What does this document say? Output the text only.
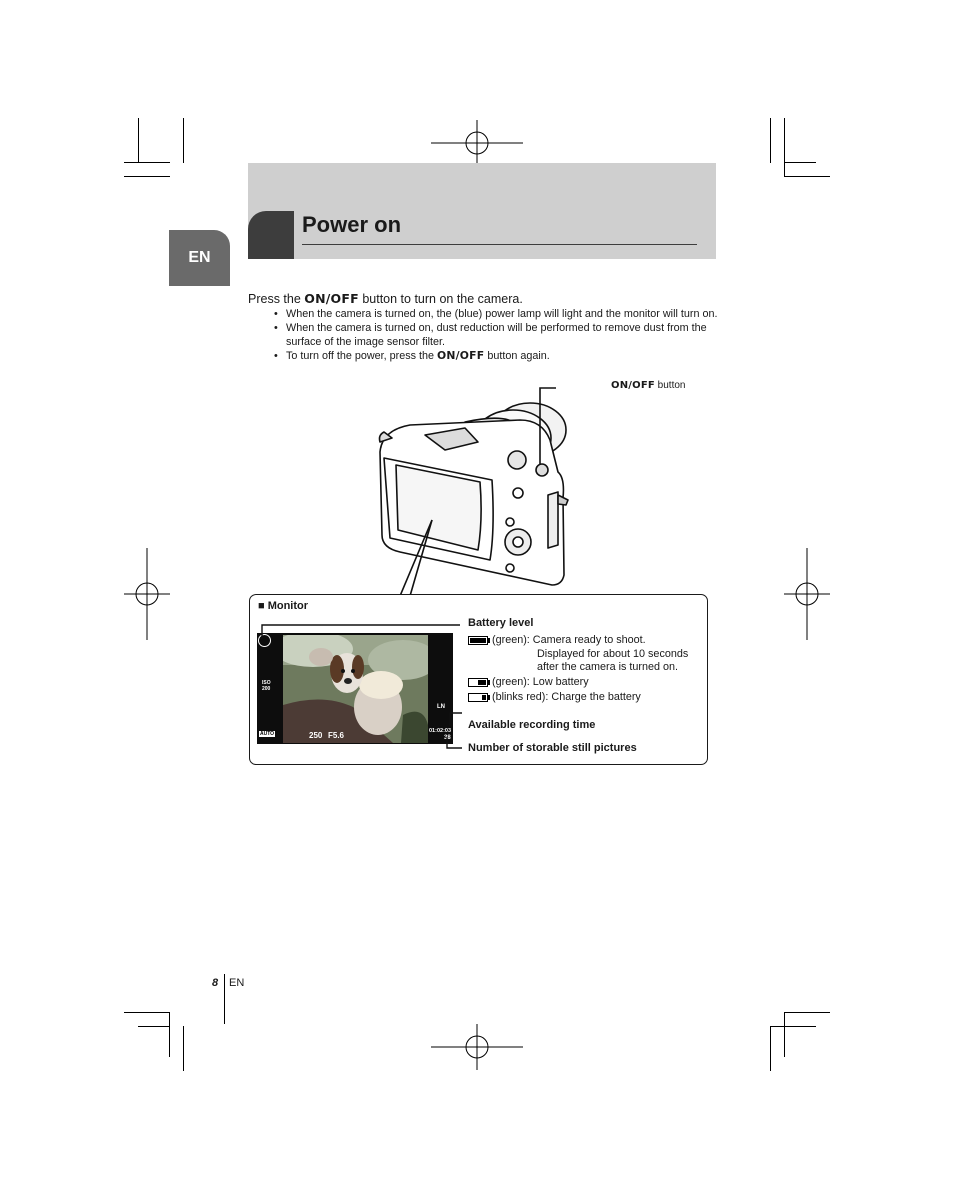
Power on
EN
Press the ON/OFF button to turn on the camera.
• When the camera is turned on, the (blue) power lamp will light and the monitor will turn on.
• When the camera is turned on, dust reduction will be performed to remove dust from the surface of the image sensor filter.
• To turn off the power, press the ON/OFF button again.
ON/OFF button
■ Monitor
ISO
200
AUTO	250 F5.6
LN
01:02:03
38
Battery level
(green): Camera ready to shoot.
Displayed for about 10 seconds
after the camera is turned on.
(green): Low battery
(blinks red): Charge the battery
Available recording time
Number of storable still pictures
8 EN
